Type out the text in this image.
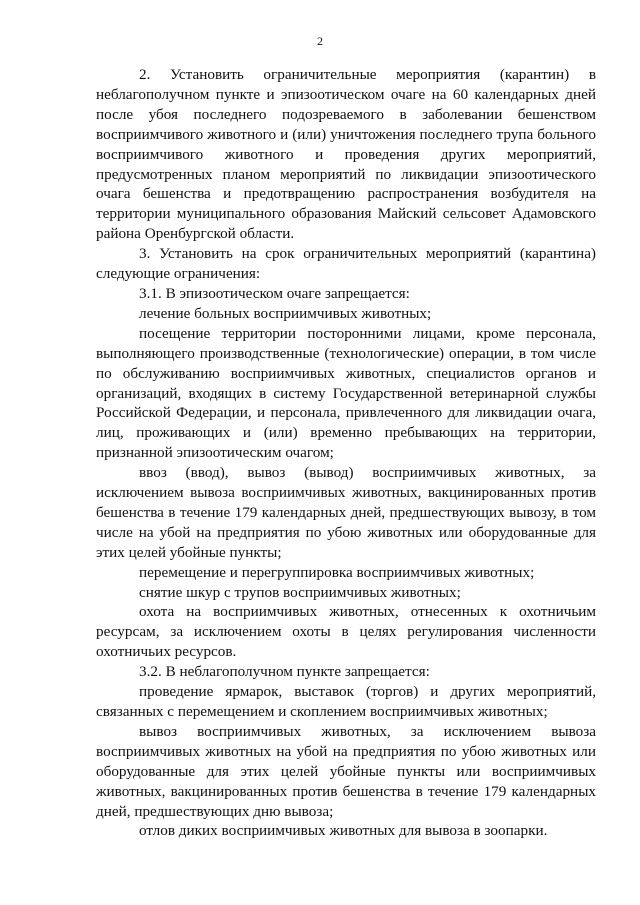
2

2. Установить ограничительные мероприятия (карантин) в неблагополучном пункте и эпизоотическом очаге на 60 календарных дней после убоя последнего подозреваемого в заболевании бешенством восприимчивого животного и (или) уничтожения последнего трупа больного восприимчивого животного и проведения других мероприятий, предусмотренных планом мероприятий по ликвидации эпизоотического очага бешенства и предотвращению распространения возбудителя на территории муниципального образования Майский сельсовет Адамовского района Оренбургской области.

3. Установить на срок ограничительных мероприятий (карантина) следующие ограничения:

3.1. В эпизоотическом очаге запрещается:

лечение больных восприимчивых животных;

посещение территории посторонними лицами, кроме персонала, выполняющего производственные (технологические) операции, в том числе по обслуживанию восприимчивых животных, специалистов органов и организаций, входящих в систему Государственной ветеринарной службы Российской Федерации, и персонала, привлеченного для ликвидации очага, лиц, проживающих и (или) временно пребывающих на территории, признанной эпизоотическим очагом;

ввоз (ввод), вывоз (вывод) восприимчивых животных, за исключением вывоза восприимчивых животных, вакцинированных против бешенства в течение 179 календарных дней, предшествующих вывозу, в том числе на убой на предприятия по убою животных или оборудованные для этих целей убойные пункты;

перемещение и перегруппировка восприимчивых животных;

снятие шкур с трупов восприимчивых животных;

охота на восприимчивых животных, отнесенных к охотничьим ресурсам, за исключением охоты в целях регулирования численности охотничьих ресурсов.

3.2. В неблагополучном пункте запрещается:

проведение ярмарок, выставок (торгов) и других мероприятий, связанных с перемещением и скоплением восприимчивых животных;

вывоз восприимчивых животных, за исключением вывоза восприимчивых животных на убой на предприятия по убою животных или оборудованные для этих целей убойные пункты или восприимчивых животных, вакцинированных против бешенства в течение 179 календарных дней, предшествующих дню вывоза;

отлов диких восприимчивых животных для вывоза в зоопарки.
